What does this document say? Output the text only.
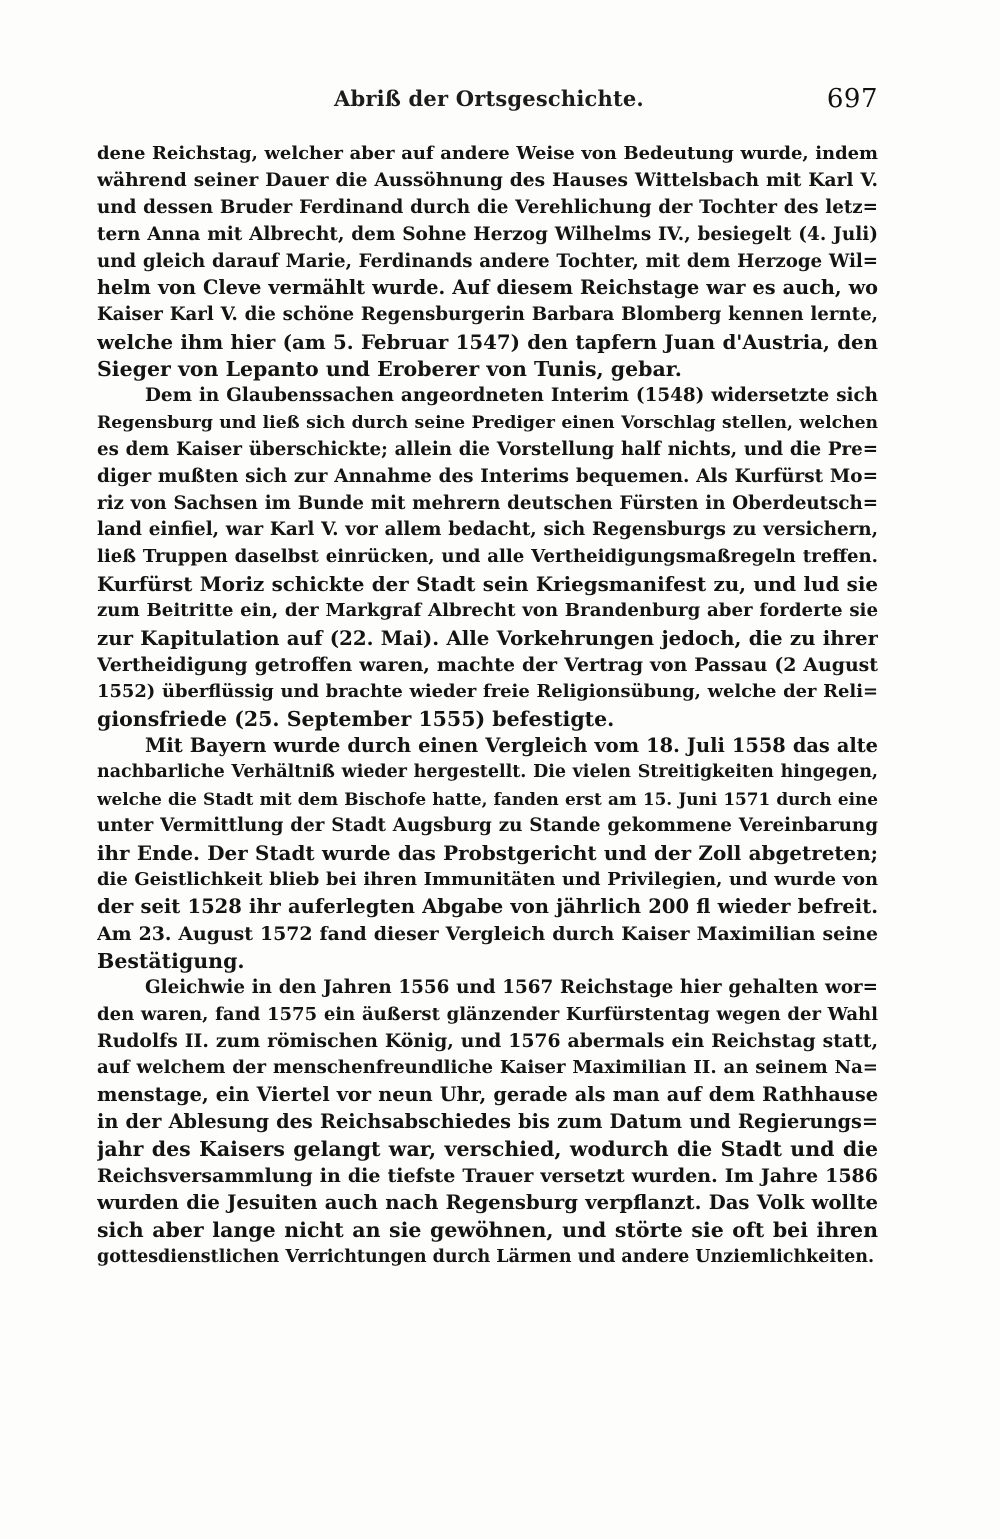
Abriß der Ortsgeschichte.	697
dene Reichstag, welcher aber auf andere Weise von Bedeutung wurde, indem
während seiner Dauer die Aussöhnung des Hauses Wittelsbach mit Karl V.
und dessen Bruder Ferdinand durch die Verehlichung der Tochter des letz=
tern Anna mit Albrecht, dem Sohne Herzog Wilhelms IV., besiegelt (4. Juli)
und gleich darauf Marie, Ferdinands andere Tochter, mit dem Herzoge Wil=
helm von Cleve vermählt wurde. Auf diesem Reichstage war es auch, wo
Kaiser Karl V. die schöne Regensburgerin Barbara Blomberg kennen lernte,
welche ihm hier (am 5. Februar 1547) den tapfern Juan d'Austria, den
Sieger von Lepanto und Eroberer von Tunis, gebar.
Dem in Glaubenssachen angeordneten Interim (1548) widersetzte sich
Regensburg und ließ sich durch seine Prediger einen Vorschlag stellen, welchen
es dem Kaiser überschickte; allein die Vorstellung half nichts, und die Pre=
diger mußten sich zur Annahme des Interims bequemen. Als Kurfürst Mo=
riz von Sachsen im Bunde mit mehrern deutschen Fürsten in Oberdeutsch=
land einfiel, war Karl V. vor allem bedacht, sich Regensburgs zu versichern,
ließ Truppen daselbst einrücken, und alle Vertheidigungsmaßregeln treffen.
Kurfürst Moriz schickte der Stadt sein Kriegsmanifest zu, und lud sie
zum Beitritte ein, der Markgraf Albrecht von Brandenburg aber forderte sie
zur Kapitulation auf (22. Mai). Alle Vorkehrungen jedoch, die zu ihrer
Vertheidigung getroffen waren, machte der Vertrag von Passau (2 August
1552) überflüssig und brachte wieder freie Religionsübung, welche der Reli=
gionsfriede (25. September 1555) befestigte.
Mit Bayern wurde durch einen Vergleich vom 18. Juli 1558 das alte
nachbarliche Verhältniß wieder hergestellt. Die vielen Streitigkeiten hingegen,
welche die Stadt mit dem Bischofe hatte, fanden erst am 15. Juni 1571 durch eine
unter Vermittlung der Stadt Augsburg zu Stande gekommene Vereinbarung
ihr Ende. Der Stadt wurde das Probstgericht und der Zoll abgetreten;
die Geistlichkeit blieb bei ihren Immunitäten und Privilegien, und wurde von
der seit 1528 ihr auferlegten Abgabe von jährlich 200 fl wieder befreit.
Am 23. August 1572 fand dieser Vergleich durch Kaiser Maximilian seine
Bestätigung.
Gleichwie in den Jahren 1556 und 1567 Reichstage hier gehalten wor=
den waren, fand 1575 ein äußerst glänzender Kurfürstentag wegen der Wahl
Rudolfs II. zum römischen König, und 1576 abermals ein Reichstag statt,
auf welchem der menschenfreundliche Kaiser Maximilian II. an seinem Na=
menstage, ein Viertel vor neun Uhr, gerade als man auf dem Rathhause
in der Ablesung des Reichsabschiedes bis zum Datum und Regierungs=
jahr des Kaisers gelangt war, verschied, wodurch die Stadt und die
Reichsversammlung in die tiefste Trauer versetzt wurden. Im Jahre 1586
wurden die Jesuiten auch nach Regensburg verpflanzt. Das Volk wollte
sich aber lange nicht an sie gewöhnen, und störte sie oft bei ihren
gottesdienstlichen Verrichtungen durch Lärmen und andere Unziemlichkeiten.
